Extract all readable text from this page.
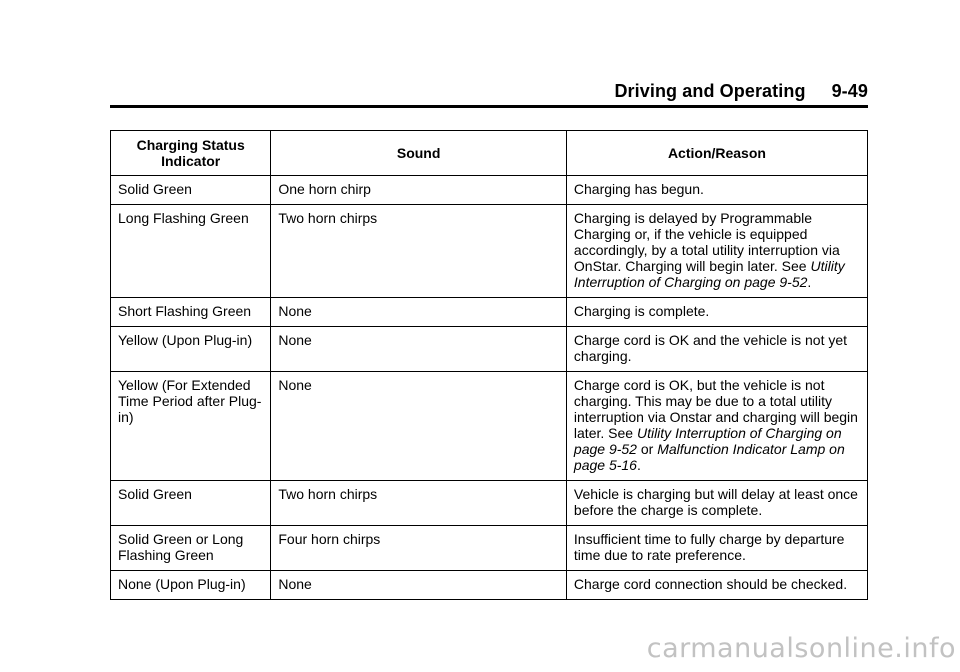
Driving and Operating 9-49
Charging Status Indicator	Sound	Action/Reason
Solid Green	One horn chirp	Charging has begun.
Long Flashing Green	Two horn chirps	Charging is delayed by Programmable Charging or, if the vehicle is equipped accordingly, by a total utility interruption via OnStar. Charging will begin later. See Utility Interruption of Charging on page 9-52.
Short Flashing Green	None	Charging is complete.
Yellow (Upon Plug-in)	None	Charge cord is OK and the vehicle is not yet charging.
Yellow (For Extended Time Period after Plug-in)	None	Charge cord is OK, but the vehicle is not charging. This may be due to a total utility interruption via Onstar and charging will begin later. See Utility Interruption of Charging on page 9-52 or Malfunction Indicator Lamp on page 5-16.
Solid Green	Two horn chirps	Vehicle is charging but will delay at least once before the charge is complete.
Solid Green or Long Flashing Green	Four horn chirps	Insufficient time to fully charge by departure time due to rate preference.
None (Upon Plug-in)	None	Charge cord connection should be checked.
carmanualsonline.info
